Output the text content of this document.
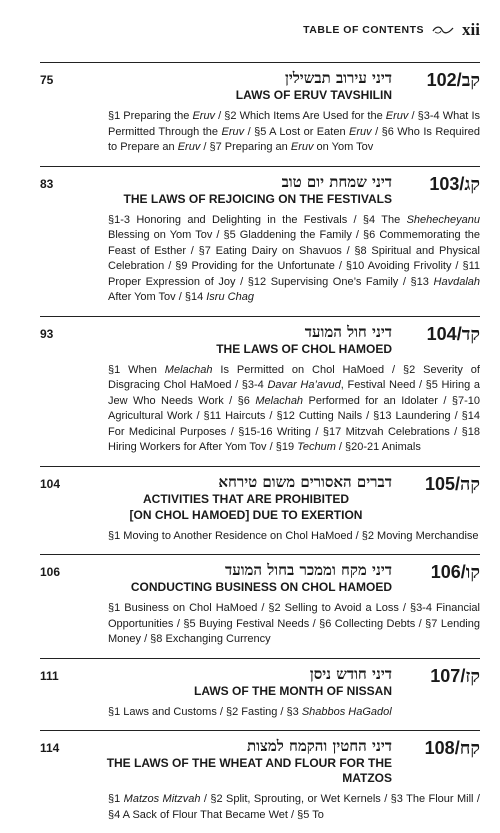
TABLE OF CONTENTS xii
75	דיני עירוב תבשילין
LAWS OF ERUV TAVSHILIN
102/קב
§1 Preparing the Eruv / §2 Which Items Are Used for the Eruv / §3-4 What Is Permitted Through the Eruv / §5 A Lost or Eaten Eruv / §6 Who Is Required to Prepare an Eruv / §7 Preparing an Eruv on Yom Tov
83	דיני שמחת יום טוב
THE LAWS OF REJOICING ON THE FESTIVALS
103/קג
§1-3 Honoring and Delighting in the Festivals / §4 The Shehecheyanu Blessing on Yom Tov / §5 Gladdening the Family / §6 Commemorating the Feast of Esther / §7 Eating Dairy on Shavuos / §8 Spiritual and Physical Celebration / §9 Providing for the Unfortunate / §10 Avoiding Frivolity / §11 Proper Expression of Joy / §12 Supervising One’s Family / §13 Havdalah After Yom Tov / §14 Isru Chag
93	דיני חול המועד
THE LAWS OF CHOL HAMOED
104/קד
§1 When Melachah Is Permitted on Chol HaMoed / §2 Severity of Disgracing Chol HaMoed / §3-4 Davar Ha’avud, Festival Need / §5 Hiring a Jew Who Needs Work / §6 Melachah Performed for an Idolater / §7-10 Agricultural Work / §11 Haircuts / §12 Cutting Nails / §13 Laundering / §14 For Medicinal Purposes / §15-16 Writing / §17 Mitzvah Celebrations / §18 Hiring Workers for After Yom Tov / §19 Techum / §20-21 Animals
104	דברים האסורים משום טירחא
ACTIVITIES THAT ARE PROHIBITED
[ON CHOL HAMOED] DUE TO EXERTION
105/קה
§1 Moving to Another Residence on Chol HaMoed / §2 Moving Merchandise
106	דיני מקח וממכר בחול המועד
CONDUCTING BUSINESS ON CHOL HAMOED
106/קו
§1 Business on Chol HaMoed / §2 Selling to Avoid a Loss / §3-4 Financial Opportunities / §5 Buying Festival Needs / §6 Collecting Debts / §7 Lending Money / §8 Exchanging Currency
111	דיני חודש ניסן
LAWS OF THE MONTH OF NISSAN
107/קז
§1 Laws and Customs / §2 Fasting / §3 Shabbos HaGadol
114	דיני החטין והקמח למצות
THE LAWS OF THE WHEAT AND FLOUR FOR THE MATZOS
108/קח
§1 Matzos Mitzvah / §2 Split, Sprouting, or Wet Kernels / §3 The Flour Mill / §4 A Sack of Flour That Became Wet / §5 To
